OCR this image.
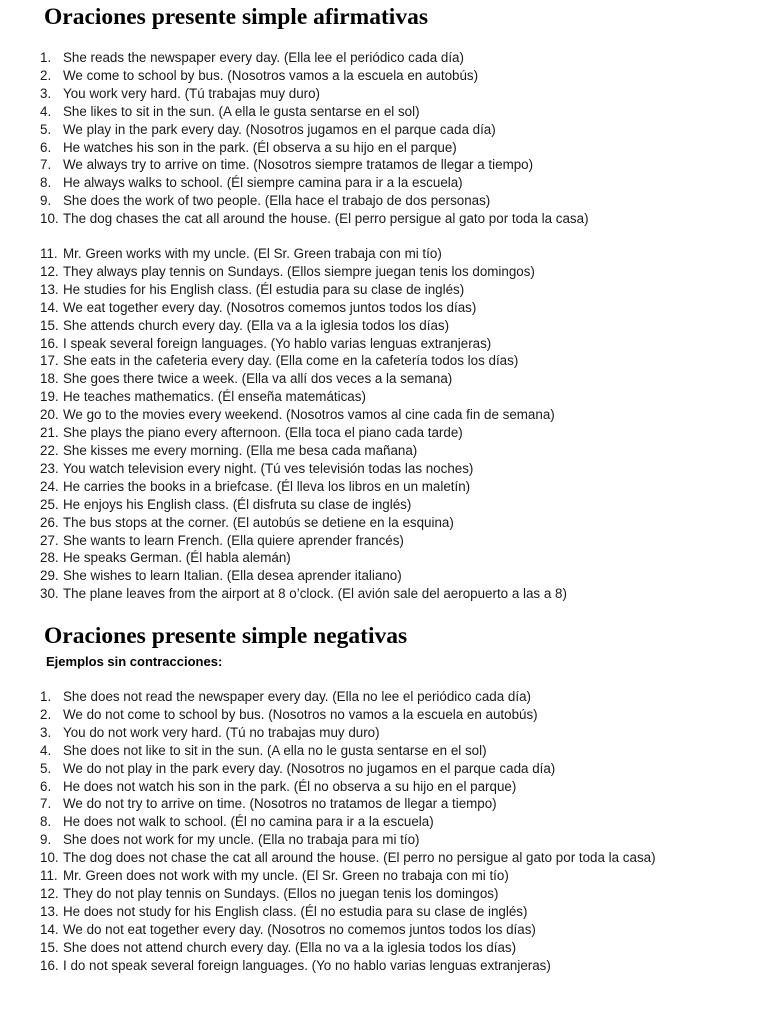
Oraciones presente simple afirmativas
1. She reads the newspaper every day. (Ella lee el periódico cada día)
2. We come to school by bus. (Nosotros vamos a la escuela en autobús)
3. You work very hard. (Tú trabajas muy duro)
4. She likes to sit in the sun. (A ella le gusta sentarse en el sol)
5. We play in the park every day. (Nosotros jugamos en el parque cada día)
6. He watches his son in the park. (Él observa a su hijo en el parque)
7. We always try to arrive on time. (Nosotros siempre tratamos de llegar a tiempo)
8. He always walks to school. (Él siempre camina para ir a la escuela)
9. She does the work of two people. (Ella hace el trabajo de dos personas)
10. The dog chases the cat all around the house. (El perro persigue al gato por toda la casa)
11. Mr. Green works with my uncle. (El Sr. Green trabaja con mi tío)
12. They always play tennis on Sundays. (Ellos siempre juegan tenis los domingos)
13. He studies for his English class. (Él estudia para su clase de inglés)
14. We eat together every day. (Nosotros comemos juntos todos los días)
15. She attends church every day. (Ella va a la iglesia todos los días)
16. I speak several foreign languages. (Yo hablo varias lenguas extranjeras)
17. She eats in the cafeteria every day. (Ella come en la cafetería todos los días)
18. She goes there twice a week. (Ella va allí dos veces a la semana)
19. He teaches mathematics. (Él enseña matemáticas)
20. We go to the movies every weekend. (Nosotros vamos al cine cada fin de semana)
21. She plays the piano every afternoon. (Ella toca el piano cada tarde)
22. She kisses me every morning. (Ella me besa cada mañana)
23. You watch television every night. (Tú ves televisión todas las noches)
24. He carries the books in a briefcase. (Él lleva los libros en un maletín)
25. He enjoys his English class. (Él disfruta su clase de inglés)
26. The bus stops at the corner. (El autobús se detiene en la esquina)
27. She wants to learn French. (Ella quiere aprender francés)
28. He speaks German. (Él habla alemán)
29. She wishes to learn Italian. (Ella desea aprender italiano)
30. The plane leaves from the airport at 8 o’clock. (El avión sale del aeropuerto a las a 8)
Oraciones presente simple negativas

Ejemplos sin contracciones:

1. She does not read the newspaper every day. (Ella no lee el periódico cada día)
2. We do not come to school by bus. (Nosotros no vamos a la escuela en autobús)
3. You do not work very hard. (Tú no trabajas muy duro)
4. She does not like to sit in the sun. (A ella no le gusta sentarse en el sol)
5. We do not play in the park every day. (Nosotros no jugamos en el parque cada día)
6. He does not watch his son in the park. (Él no observa a su hijo en el parque)
7. We do not try to arrive on time. (Nosotros no tratamos de llegar a tiempo)
8. He does not walk to school. (Él no camina para ir a la escuela)
9. She does not work for my uncle. (Ella no trabaja para mi tío)
10. The dog does not chase the cat all around the house. (El perro no persigue al gato por toda la casa)
11. Mr. Green does not work with my uncle. (El Sr. Green no trabaja con mi tío)
12. They do not play tennis on Sundays. (Ellos no juegan tenis los domingos)
13. He does not study for his English class. (Él no estudia para su clase de inglés)
14. We do not eat together every day. (Nosotros no comemos juntos todos los días)
15. She does not attend church every day. (Ella no va a la iglesia todos los días)
16. I do not speak several foreign languages. (Yo no hablo varias lenguas extranjeras)
